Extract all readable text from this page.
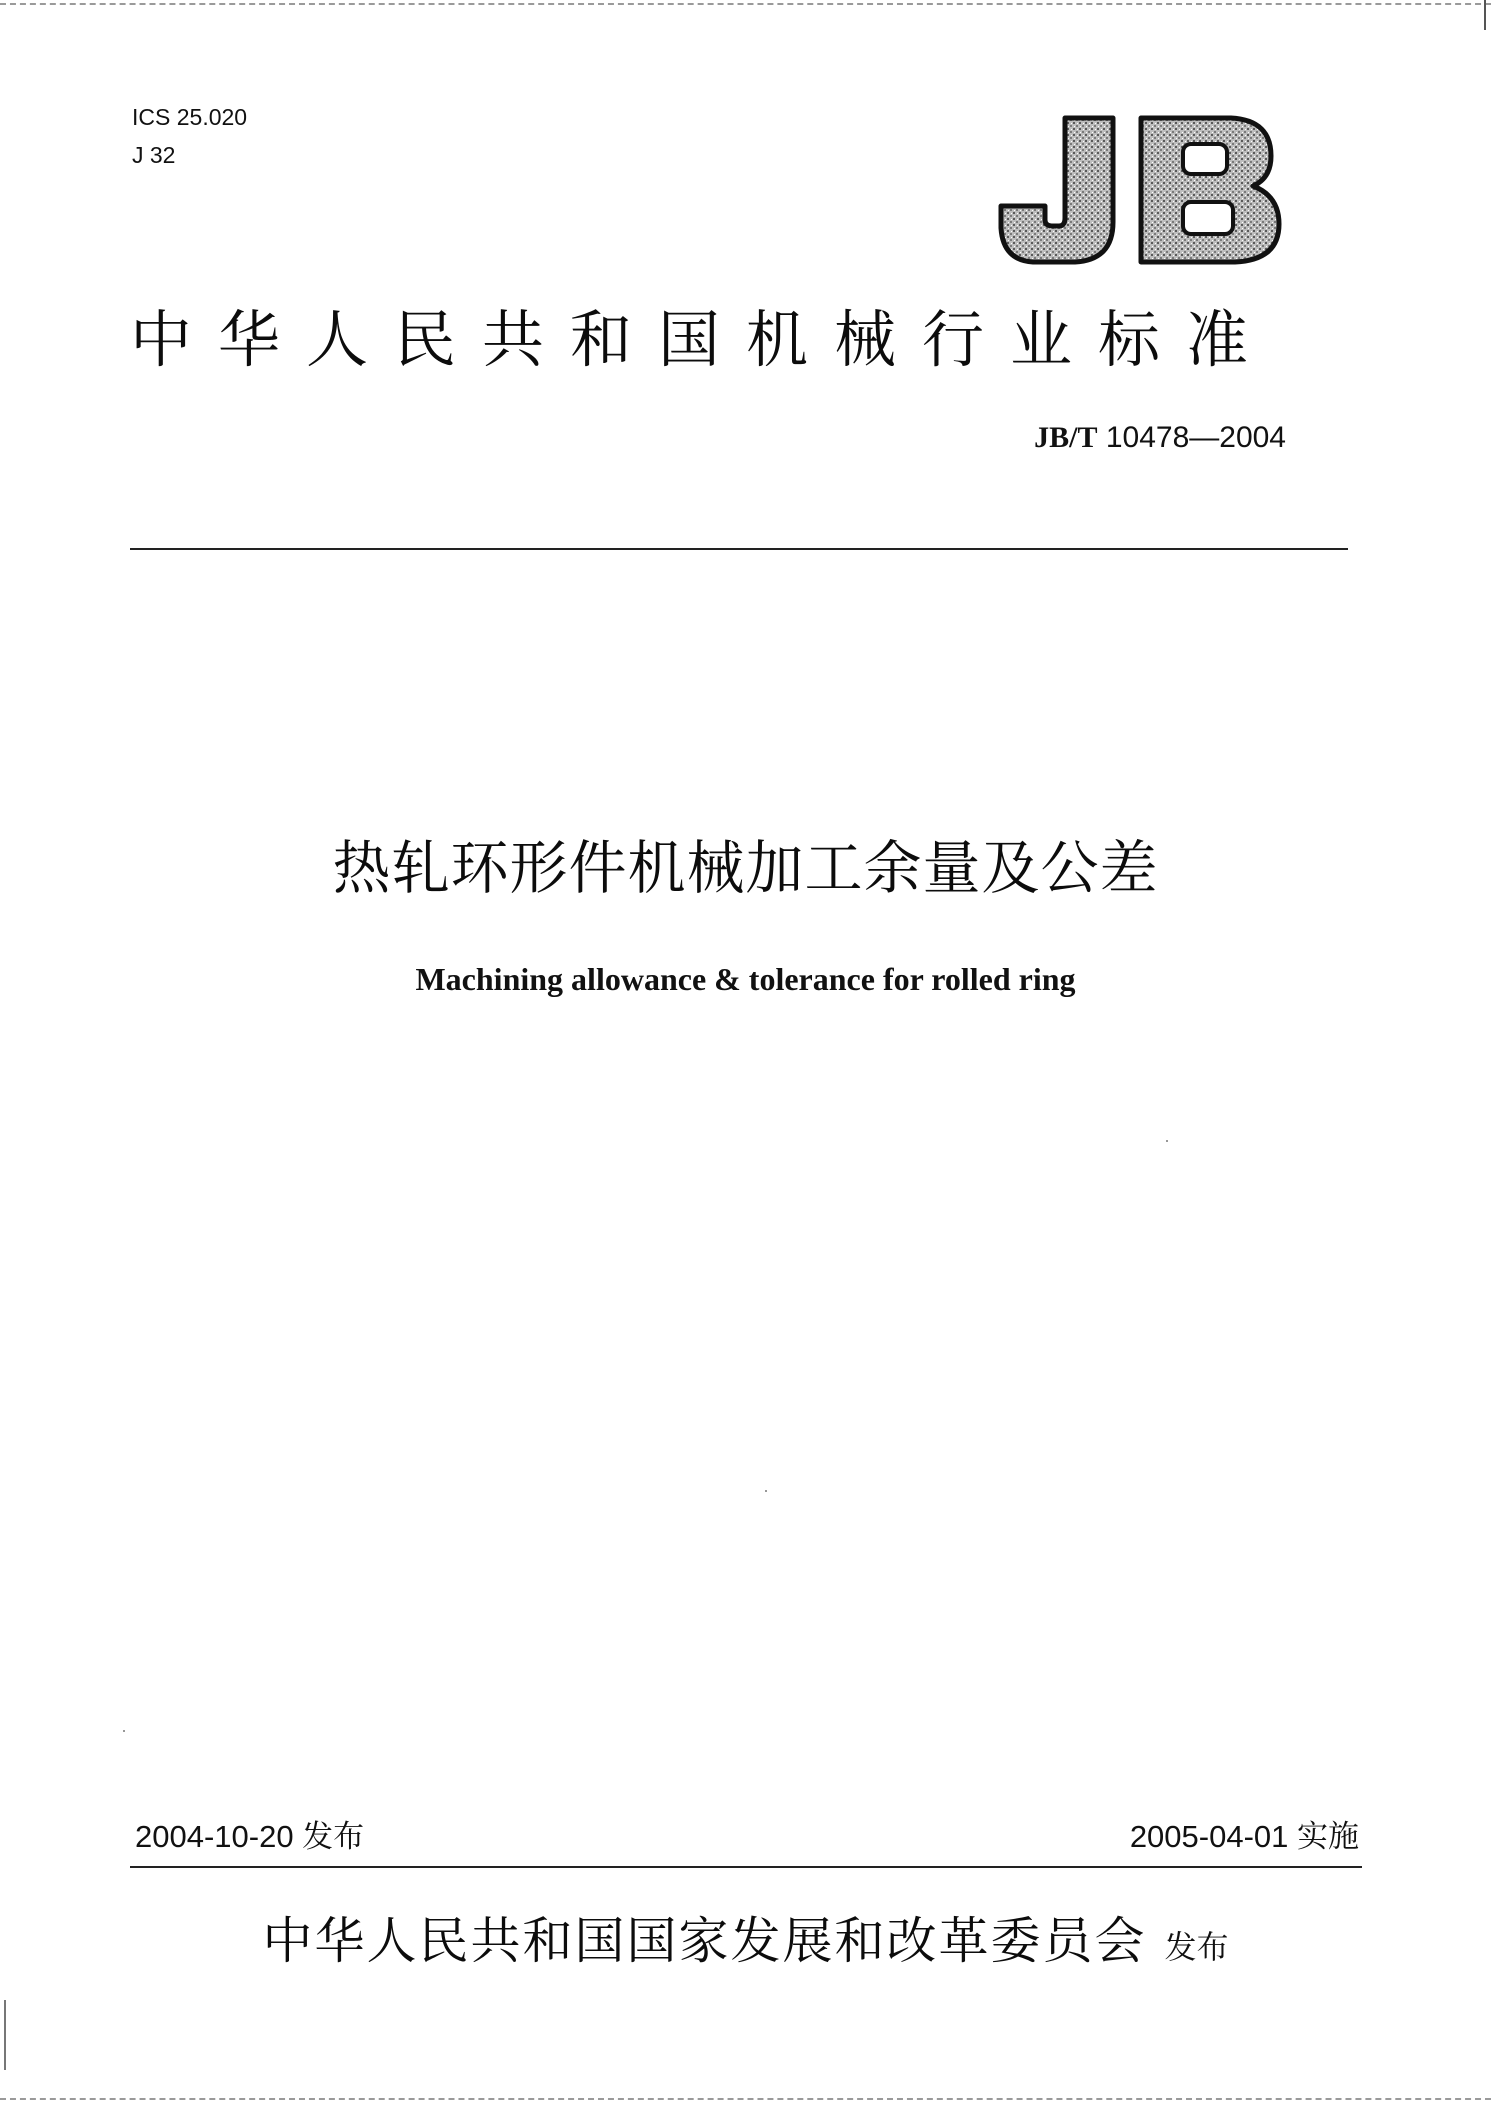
ICS 25.020
J 32
中华人民共和国机械行业标准
JB/T 10478—2004
热轧环形件机械加工余量及公差
Machining allowance & tolerance for rolled ring
2004-10-20 发布	2005-04-01 实施
中华人民共和国国家发展和改革委员会 发布
